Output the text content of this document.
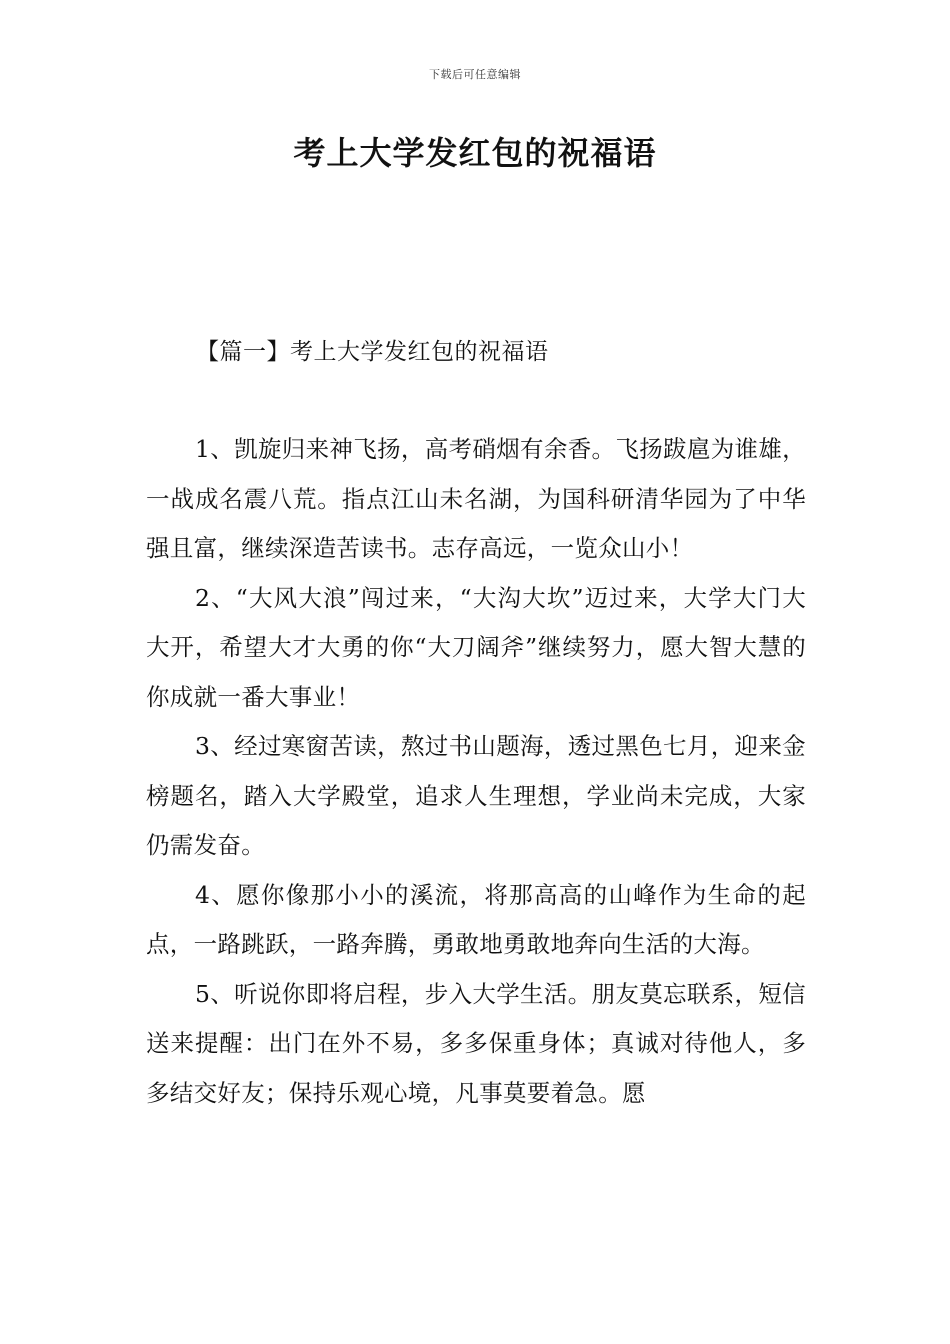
下载后可任意编辑
考上大学发红包的祝福语
【篇一】考上大学发红包的祝福语

1、凯旋归来神飞扬，高考硝烟有余香。飞扬跋扈为谁雄，一战成名震八荒。指点江山未名湖，为国科研清华园为了中华强且富，继续深造苦读书。志存高远，一览众山小！

2、“大风大浪”闯过来，“大沟大坎”迈过来，大学大门大大开，希望大才大勇的你“大刀阔斧”继续努力，愿大智大慧的你成就一番大事业！

3、经过寒窗苦读，熬过书山题海，透过黑色七月，迎来金榜题名，踏入大学殿堂，追求人生理想，学业尚未完成，大家仍需发奋。

4、愿你像那小小的溪流，将那高高的山峰作为生命的起点，一路跳跃，一路奔腾，勇敢地勇敢地奔向生活的大海。

5、听说你即将启程，步入大学生活。朋友莫忘联系，短信送来提醒：出门在外不易，多多保重身体；真诚对待他人，多多结交好友；保持乐观心境，凡事莫要着急。愿
